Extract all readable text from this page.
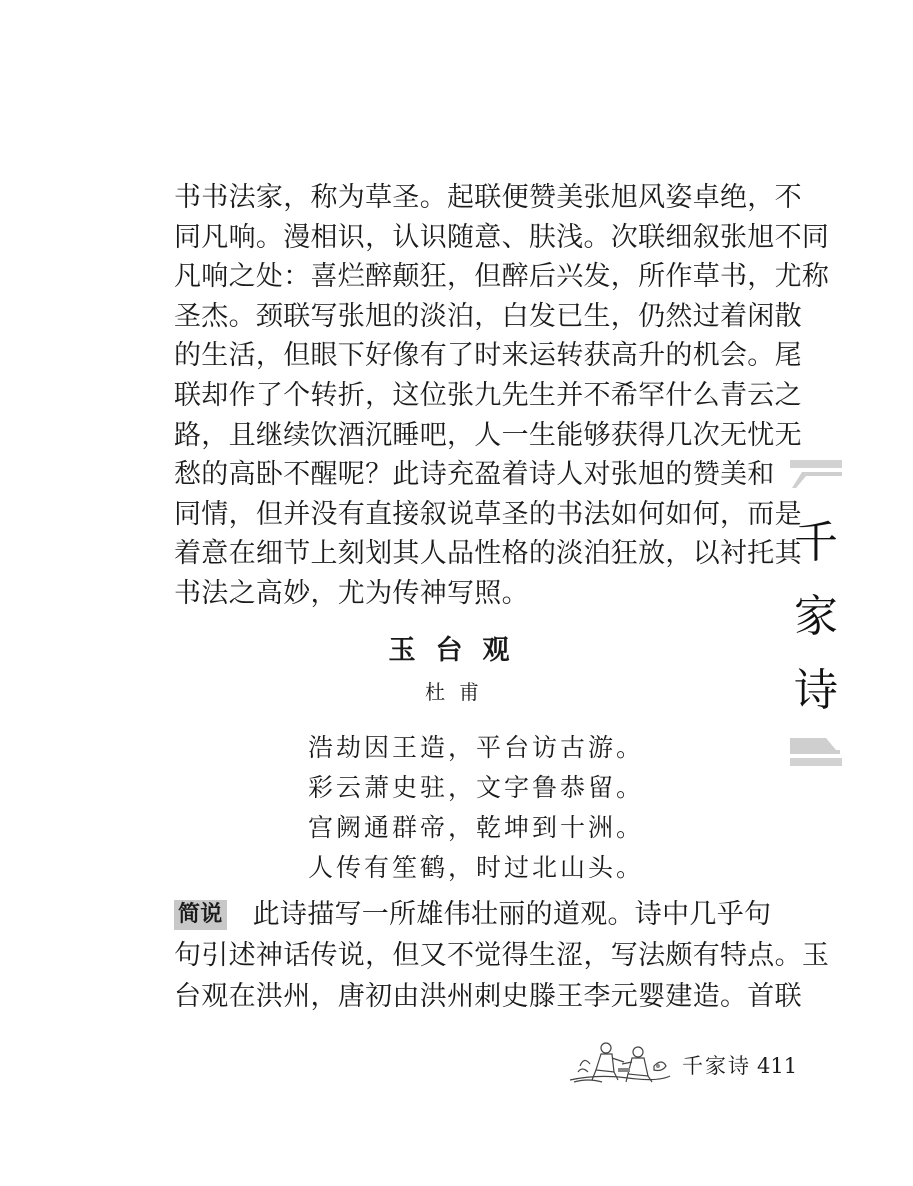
书书法家，称为草圣。起联便赞美张旭风姿卓绝，不
同凡响。漫相识，认识随意、肤浅。次联细叙张旭不同
凡响之处：喜烂醉颠狂，但醉后兴发，所作草书，尤称
圣杰。颈联写张旭的淡泊，白发已生，仍然过着闲散
的生活，但眼下好像有了时来运转获高升的机会。尾
联却作了个转折，这位张九先生并不希罕什么青云之
路，且继续饮酒沉睡吧，人一生能够获得几次无忧无
愁的高卧不醒呢？此诗充盈着诗人对张旭的赞美和
同情，但并没有直接叙说草圣的书法如何如何，而是
着意在细节上刻划其人品性格的淡泊狂放，以衬托其
书法之高妙，尤为传神写照。
玉台观
杜甫
浩劫因王造，平台访古游。
彩云萧史驻，文字鲁恭留。
宫阙通群帝，乾坤到十洲。
人传有笙鹤，时过北山头。
简说 此诗描写一所雄伟壮丽的道观。诗中几乎句
句引述神话传说，但又不觉得生涩，写法颇有特点。玉
台观在洪州，唐初由洪州刺史滕王李元婴建造。首联
千
家
诗
千家诗 411
